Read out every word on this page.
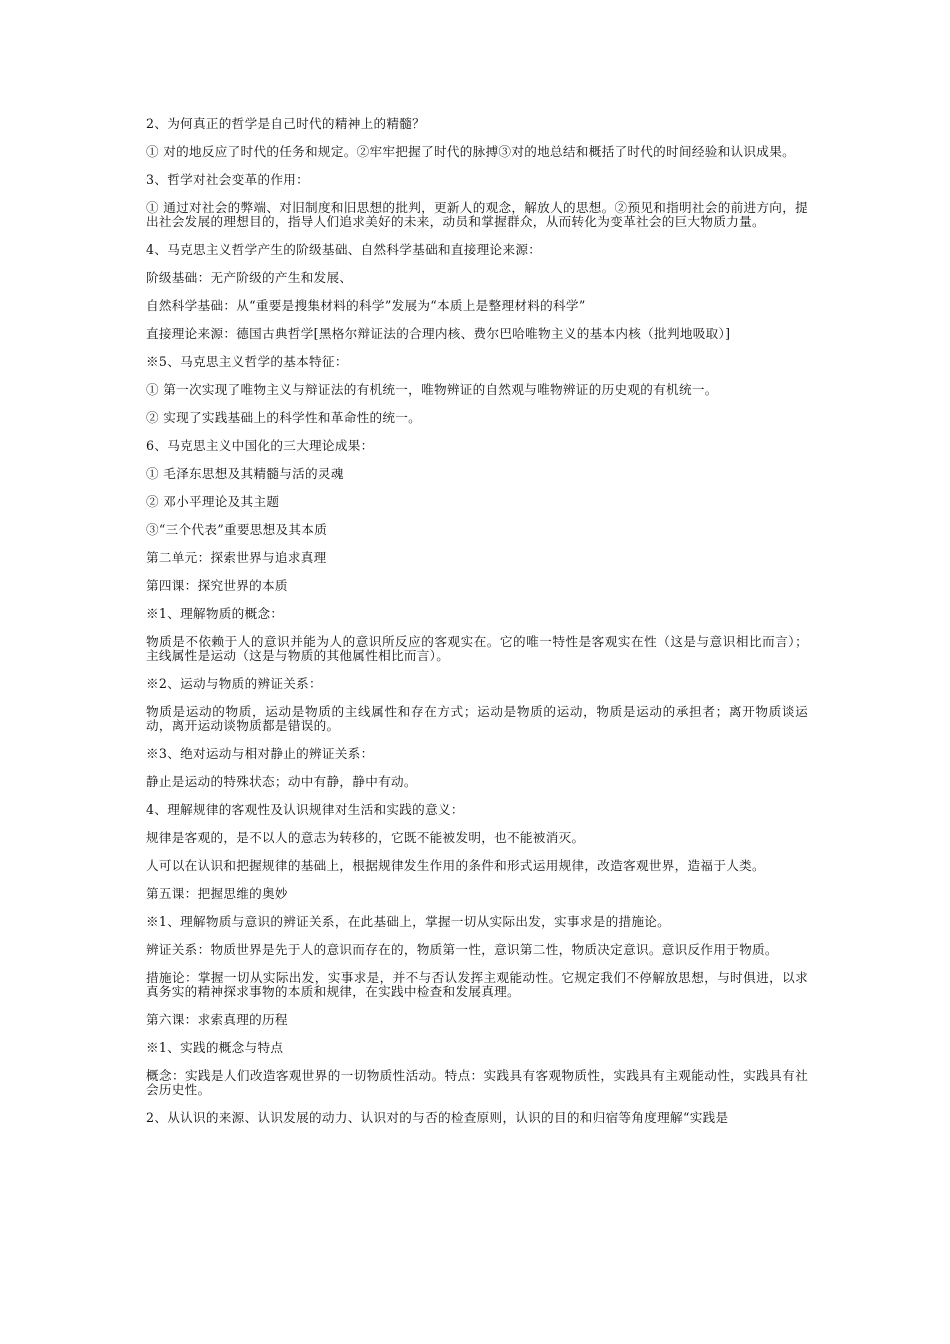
2、为何真正的哲学是自己时代的精神上的精髓？

① 对的地反应了时代的任务和规定。②牢牢把握了时代的脉搏③对的地总结和概括了时代的时间经验和认识成果。

3、哲学对社会变革的作用：

① 通过对社会的弊端、对旧制度和旧思想的批判，更新人的观念，解放人的思想。②预见和指明社会的前进方向，提出社会发展的理想目的，指导人们追求美好的未来，动员和掌握群众，从而转化为变革社会的巨大物质力量。

4、马克思主义哲学产生的阶级基础、自然科学基础和直接理论来源：

阶级基础：无产阶级的产生和发展、

自然科学基础：从“重要是搜集材料的科学”发展为“本质上是整理材料的科学”

直接理论来源：德国古典哲学[黑格尔辩证法的合理内核、费尔巴哈唯物主义的基本内核（批判地吸取）]

※5、马克思主义哲学的基本特征：

① 第一次实现了唯物主义与辩证法的有机统一，唯物辨证的自然观与唯物辨证的历史观的有机统一。

② 实现了实践基础上的科学性和革命性的统一。

6、马克思主义中国化的三大理论成果：

① 毛泽东思想及其精髓与活的灵魂

② 邓小平理论及其主题

③“三个代表”重要思想及其本质

第二单元：探索世界与追求真理

第四课：探究世界的本质

※1、理解物质的概念：

物质是不依赖于人的意识并能为人的意识所反应的客观实在。它的唯一特性是客观实在性（这是与意识相比而言）；主线属性是运动（这是与物质的其他属性相比而言）。

※2、运动与物质的辨证关系：

物质是运动的物质，运动是物质的主线属性和存在方式；运动是物质的运动，物质是运动的承担者；离开物质谈运动，离开运动谈物质都是错误的。

※3、绝对运动与相对静止的辨证关系：

静止是运动的特殊状态；动中有静，静中有动。

4、理解规律的客观性及认识规律对生活和实践的意义：

规律是客观的，是不以人的意志为转移的，它既不能被发明，也不能被消灭。

人可以在认识和把握规律的基础上，根据规律发生作用的条件和形式运用规律，改造客观世界，造福于人类。

第五课：把握思维的奥妙

※1、理解物质与意识的辨证关系，在此基础上，掌握一切从实际出发，实事求是的措施论。

辨证关系：物质世界是先于人的意识而存在的，物质第一性，意识第二性，物质决定意识。意识反作用于物质。

措施论：掌握一切从实际出发，实事求是，并不与否认发挥主观能动性。它规定我们不停解放思想，与时俱进，以求真务实的精神探求事物的本质和规律，在实践中检查和发展真理。

第六课：求索真理的历程

※1、实践的概念与特点

概念：实践是人们改造客观世界的一切物质性活动。特点：实践具有客观物质性，实践具有主观能动性，实践具有社会历史性。

2、从认识的来源、认识发展的动力、认识对的与否的检查原则，认识的目的和归宿等角度理解“实践是
